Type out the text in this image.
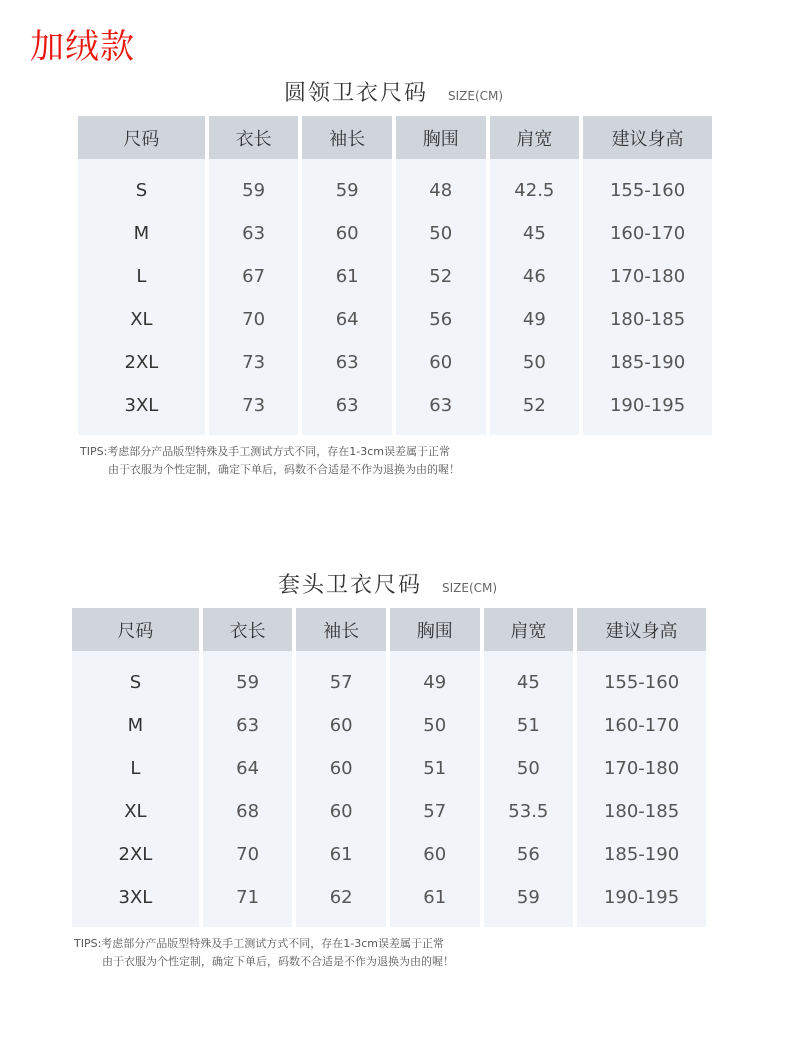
加绒款
圆领卫衣尺码 SIZE(CM)
尺码	衣长	袖长	胸围	肩宽	建议身高
S	59	59	48	42.5	155-160
M	63	60	50	45	160-170
L	67	61	52	46	170-180
XL	70	64	56	49	180-185
2XL	73	63	60	50	185-190
3XL	73	63	63	52	190-195
TIPS:考虑部分产品版型特殊及手工测试方式不同，存在1-3cm误差属于正常
由于衣服为个性定制，确定下单后，码数不合适是不作为退换为由的喔！
套头卫衣尺码 SIZE(CM)
尺码	衣长	袖长	胸围	肩宽	建议身高
S	59	57	49	45	155-160
M	63	60	50	51	160-170
L	64	60	51	50	170-180
XL	68	60	57	53.5	180-185
2XL	70	61	60	56	185-190
3XL	71	62	61	59	190-195
TIPS:考虑部分产品版型特殊及手工测试方式不同，存在1-3cm误差属于正常
由于衣服为个性定制，确定下单后，码数不合适是不作为退换为由的喔！
